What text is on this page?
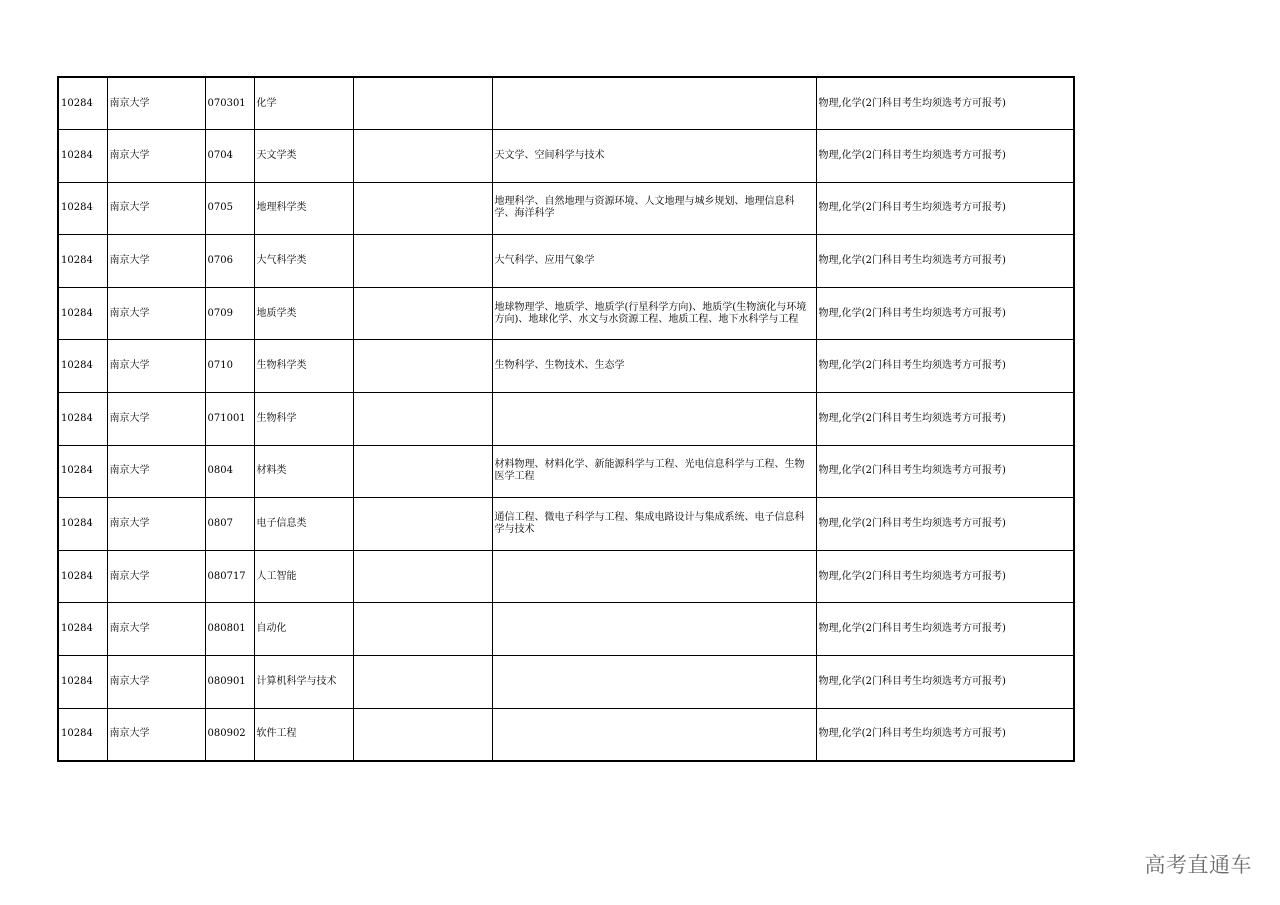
10284	南京大学	070301	化学			物理,化学(2门科目考生均须选考方可报考)
10284	南京大学	0704	天文学类		天文学、空间科学与技术	物理,化学(2门科目考生均须选考方可报考)
10284	南京大学	0705	地理科学类		地理科学、自然地理与资源环境、人文地理与城乡规划、地理信息科学、海洋科学	物理,化学(2门科目考生均须选考方可报考)
10284	南京大学	0706	大气科学类		大气科学、应用气象学	物理,化学(2门科目考生均须选考方可报考)
10284	南京大学	0709	地质学类		地球物理学、地质学、地质学(行星科学方向)、地质学(生物演化与环境方向)、地球化学、水文与水资源工程、地质工程、地下水科学与工程	物理,化学(2门科目考生均须选考方可报考)
10284	南京大学	0710	生物科学类		生物科学、生物技术、生态学	物理,化学(2门科目考生均须选考方可报考)
10284	南京大学	071001	生物科学			物理,化学(2门科目考生均须选考方可报考)
10284	南京大学	0804	材料类		材料物理、材料化学、新能源科学与工程、光电信息科学与工程、生物医学工程	物理,化学(2门科目考生均须选考方可报考)
10284	南京大学	0807	电子信息类		通信工程、微电子科学与工程、集成电路设计与集成系统、电子信息科学与技术	物理,化学(2门科目考生均须选考方可报考)
10284	南京大学	080717	人工智能			物理,化学(2门科目考生均须选考方可报考)
10284	南京大学	080801	自动化			物理,化学(2门科目考生均须选考方可报考)
10284	南京大学	080901	计算机科学与技术			物理,化学(2门科目考生均须选考方可报考)
10284	南京大学	080902	软件工程			物理,化学(2门科目考生均须选考方可报考)
高考直通车
